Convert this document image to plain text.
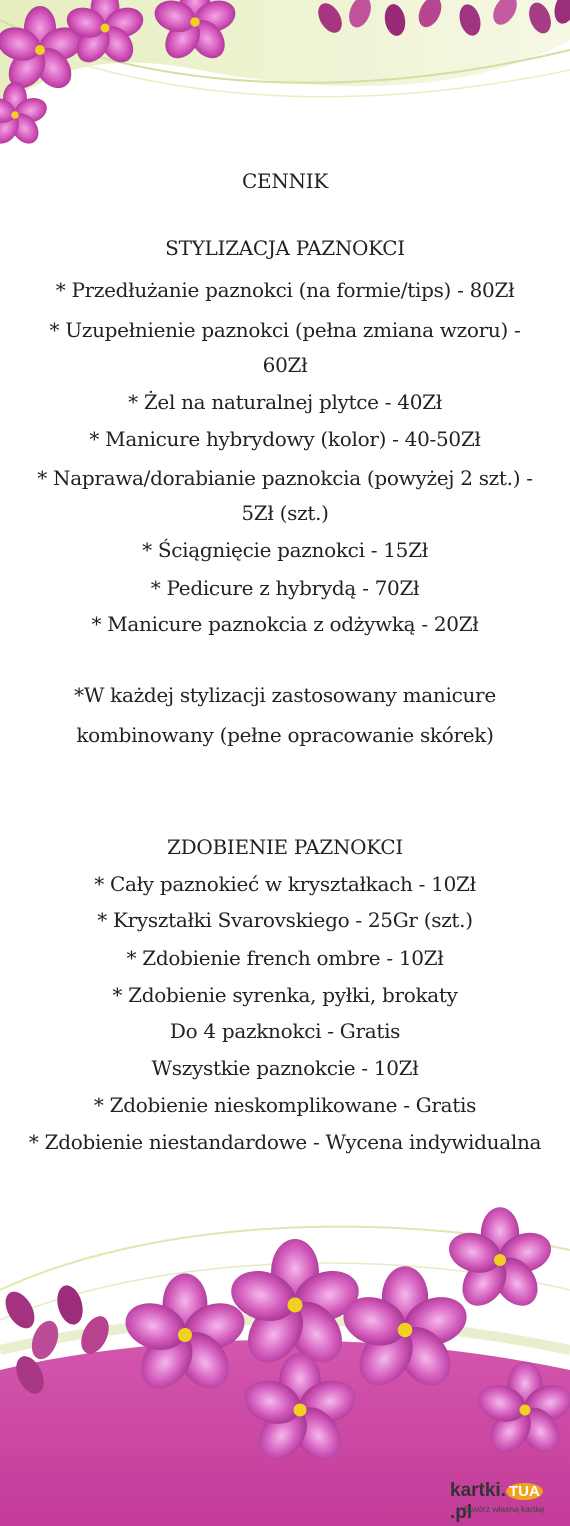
CENNIK
STYLIZACJA PAZNOKCI
* Przedłużanie paznokci (na formie/tips) - 80Zł
* Uzupełnienie paznokci (pełna zmiana wzoru) -
60Zł
* Żel na naturalnej plytce - 40Zł
* Manicure hybrydowy (kolor) - 40-50Zł
* Naprawa/dorabianie paznokcia (powyżej 2 szt.) -
5Zł (szt.)
* Ściągnięcie paznokci - 15Zł
* Pedicure z hybrydą - 70Zł
* Manicure paznokcia z odżywką - 20Zł
*W każdej stylizacji zastosowany manicure
kombinowany (pełne opracowanie skórek)
ZDOBIENIE PAZNOKCI
* Cały paznokieć w kryształkach - 10Zł
* Kryształki Svarovskiego - 25Gr (szt.)
* Zdobienie french ombre - 10Zł
* Zdobienie syrenka, pyłki, brokaty
Do 4 pazknokci - Gratis
Wszystkie paznokcie - 10Zł
* Zdobienie nieskomplikowane - Gratis
* Zdobienie niestandardowe - Wycena indywidualna
kartki. TUA.pl
Stwórz własną kartkę
